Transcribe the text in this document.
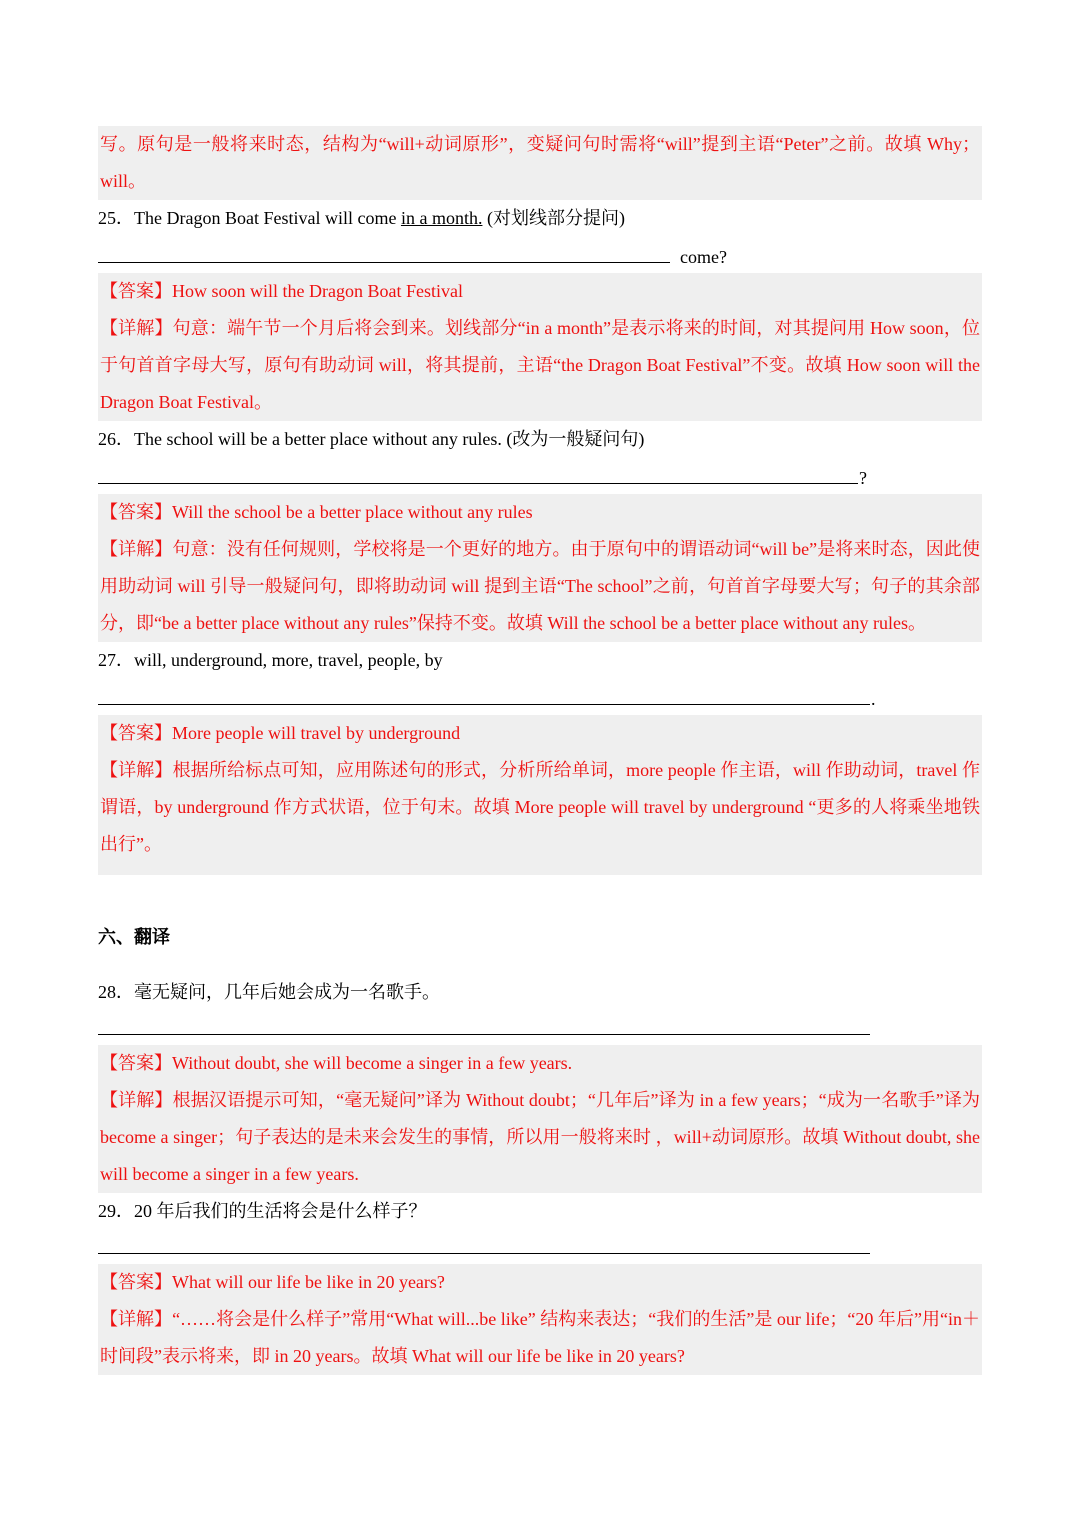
写。原句是一般将来时态，结构为“will+动词原形”，变疑问句时需将“will”提到主语“Peter”之前。故填 Why；will。

25．The Dragon Boat Festival will come in a month. (对划线部分提问)

come?

【答案】How soon will the Dragon Boat Festival

【详解】句意：端午节一个月后将会到来。划线部分“in a month”是表示将来的时间，对其提问用 How soon，位于句首首字母大写，原句有助动词 will，将其提前，主语“the Dragon Boat Festival”不变。故填 How soon will the Dragon Boat Festival。

26．The school will be a better place without any rules. (改为一般疑问句)

?

【答案】Will the school be a better place without any rules

【详解】句意：没有任何规则，学校将是一个更好的地方。由于原句中的谓语动词“will be”是将来时态，因此使用助动词 will 引导一般疑问句，即将助动词 will 提到主语“The school”之前，句首首字母要大写；句子的其余部分，即“be a better place without any rules”保持不变。故填 Will the school be a better place without any rules。

27．will, underground, more, travel, people, by

.

【答案】More people will travel by underground

【详解】根据所给标点可知，应用陈述句的形式，分析所给单词，more people 作主语，will 作助动词，travel 作谓语，by underground 作方式状语，位于句末。故填 More people will travel by underground “更多的人将乘坐地铁出行”。

六、翻译

28．毫无疑问，几年后她会成为一名歌手。

【答案】Without doubt, she will become a singer in a few years.

【详解】根据汉语提示可知，“毫无疑问”译为 Without doubt；“几年后”译为 in a few years；“成为一名歌手”译为 become a singer；句子表达的是未来会发生的事情，所以用一般将来时 ，will+动词原形。故填 Without doubt, she will become a singer in a few years.

29．20 年后我们的生活将会是什么样子？

【答案】What will our life be like in 20 years?

【详解】“……将会是什么样子”常用“What will...be like” 结构来表达；“我们的生活”是 our life；“20 年后”用“in＋ 时间段”表示将来，即 in 20 years。故填 What will our life be like in 20 years?
